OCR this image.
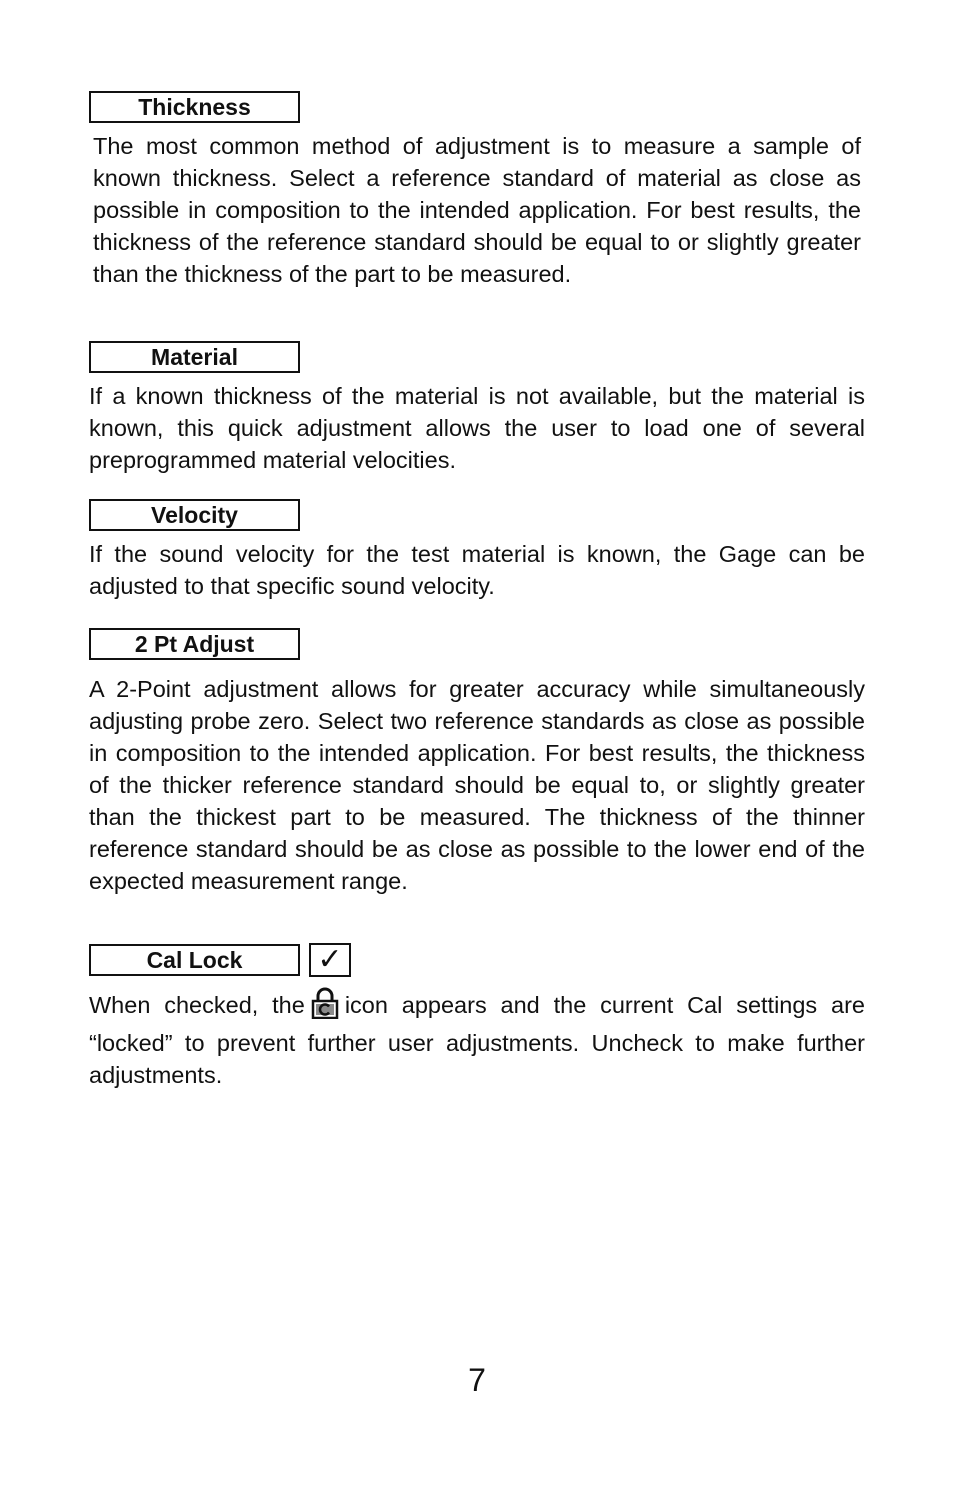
Thickness

The most common method of adjustment is to measure a sample of known thickness. Select a reference standard of material as close as possible in composition to the intended application. For best results, the thickness of the reference standard should be equal to or slightly greater than the thickness of the part to be measured.

Material

If a known thickness of the material is not available, but the material is known, this quick adjustment allows the user to load one of several preprogrammed material velocities.

Velocity

If the sound velocity for the test material is known, the Gage can be adjusted to that specific sound velocity.

2 Pt Adjust

A 2-Point adjustment allows for greater accuracy while simultaneously adjusting probe zero. Select two reference standards as close as possible in composition to the intended application. For best results, the thickness of the thicker reference standard should be equal to, or slightly greater than the thickest part to be measured. The thickness of the thinner reference standard should be as close as possible to the lower end of the expected measurement range.

Cal Lock	✓

When checked, the icon appears and the current Cal settings are “locked” to prevent further user adjustments. Uncheck to make further adjustments.

7
